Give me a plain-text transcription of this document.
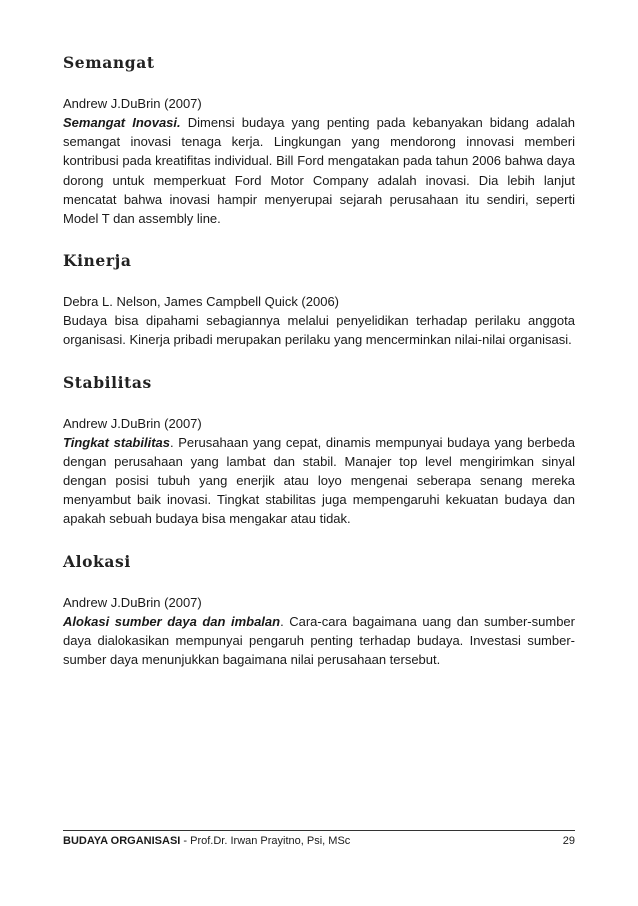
Semangat

Andrew J.DuBrin (2007)

Semangat Inovasi. Dimensi budaya yang penting pada kebanyakan bidang adalah semangat inovasi tenaga kerja. Lingkungan yang mendorong innovasi memberi kontribusi pada kreatifitas individual. Bill Ford mengatakan pada tahun 2006 bahwa daya dorong untuk memperkuat Ford Motor Company adalah inovasi. Dia lebih lanjut mencatat bahwa inovasi hampir menyerupai sejarah perusahaan itu sendiri, seperti Model T dan assembly line.

Kinerja

Debra L. Nelson, James Campbell Quick (2006)

Budaya bisa dipahami sebagiannya melalui penyelidikan terhadap perilaku anggota organisasi. Kinerja pribadi merupakan perilaku yang mencerminkan nilai-nilai organisasi.

Stabilitas

Andrew J.DuBrin (2007)

Tingkat stabilitas. Perusahaan yang cepat, dinamis mempunyai budaya yang berbeda dengan perusahaan yang lambat dan stabil. Manajer top level mengirimkan sinyal dengan posisi tubuh yang enerjik atau loyo mengenai seberapa senang mereka menyambut baik inovasi. Tingkat stabilitas juga mempengaruhi kekuatan budaya dan apakah sebuah budaya bisa mengakar atau tidak.

Alokasi

Andrew J.DuBrin (2007)

Alokasi sumber daya dan imbalan. Cara-cara bagaimana uang dan sumber-sumber daya dialokasikan mempunyai pengaruh penting terhadap budaya. Investasi sumber-sumber daya menunjukkan bagaimana nilai perusahaan tersebut.

BUDAYA ORGANISASI - Prof.Dr. Irwan Prayitno, Psi, MSc	29
